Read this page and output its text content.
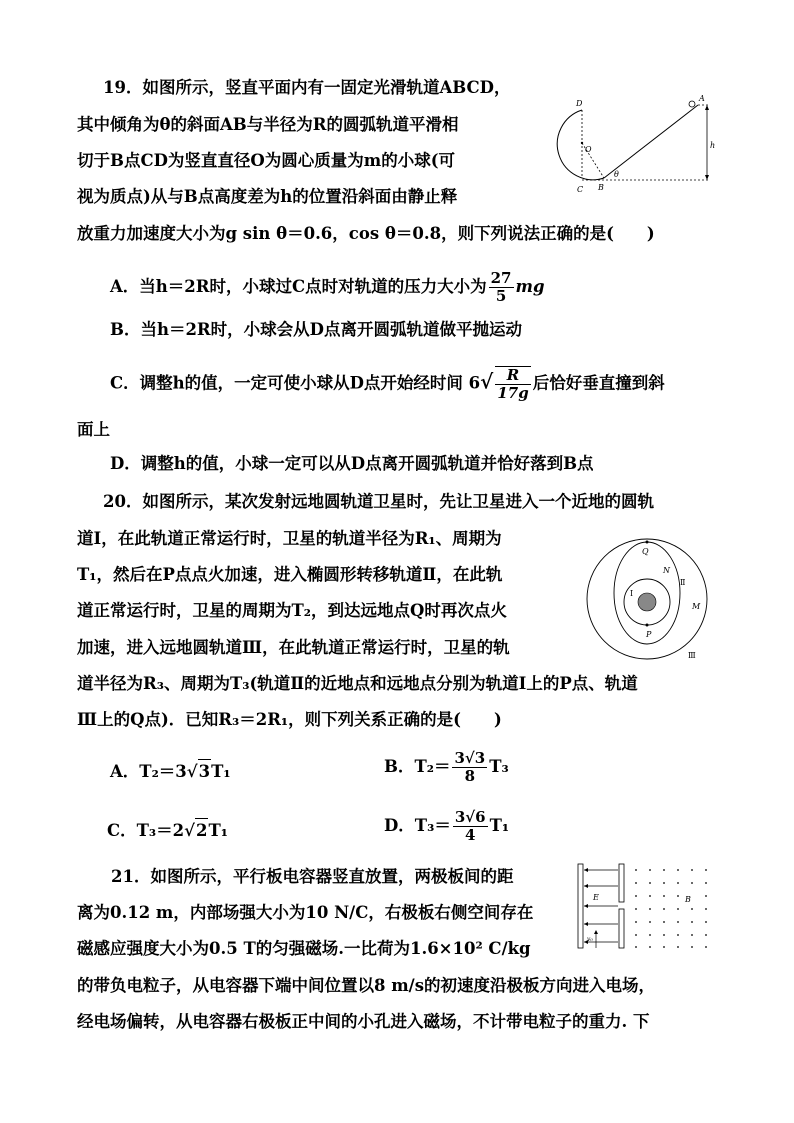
19．如图所示，竖直平面内有一固定光滑轨道ABCD，
其中倾角为θ的斜面AB与半径为R的圆弧轨道平滑相
切于B点CD为竖直直径O为圆心质量为m的小球(可
视为质点)从与B点高度差为h的位置沿斜面由静止释
放重力加速度大小为g sin θ＝0.6，cos θ＝0.8，则下列说法正确的是(　　)
D
O
C B
θ
A
h
A．当h＝2R时，小球过C点时对轨道的压力大小为 $\frac{27}{5}$ mg
B．当h＝2R时，小球会从D点离开圆弧轨道做平抛运动
C．调整h的值，一定可使小球从D点开始经时间 $6√ \frac{R}{17g}$ 后恰好垂直撞到斜
面上
D．调整h的值，小球一定可以从D点离开圆弧轨道并恰好落到B点
20．如图所示，某次发射远地圆轨道卫星时，先让卫星进入一个近地的圆轨
道Ⅰ，在此轨道正常运行时，卫星的轨道半径为R₁、周期为
T₁，然后在P点点火加速，进入椭圆形转移轨道Ⅱ，在此轨
道正常运行时，卫星的周期为T₂，到达远地点Q时再次点火
加速，进入远地圆轨道Ⅲ，在此轨道正常运行时，卫星的轨
道半径为R₃、周期为T₃(轨道Ⅱ的近地点和远地点分别为轨道Ⅰ上的P点、轨道
Ⅲ上的Q点)．已知R₃＝2R₁，则下列关系正确的是(　　)
Q
N
Ⅱ
Ⅰ
M
P
Ⅲ
A．T₂＝3√3T₁	B．$T_2= \frac{3√3}{8} T_3$
C．T₃＝2√2T₁	D．$T_3= \frac{3√6}{4} T_1$
21．如图所示，平行板电容器竖直放置，两极板间的距
离为0.12 m，内部场强大小为10 N/C，右极板右侧空间存在
磁感应强度大小为0.5 T的匀强磁场.一比荷为1.6×10² C/kg
的带负电粒子，从电容器下端中间位置以8 m/s的初速度沿极板方向进入电场，
经电场偏转，从电容器右极板正中间的小孔进入磁场，不计带电粒子的重力. 下
E
v₀
B
